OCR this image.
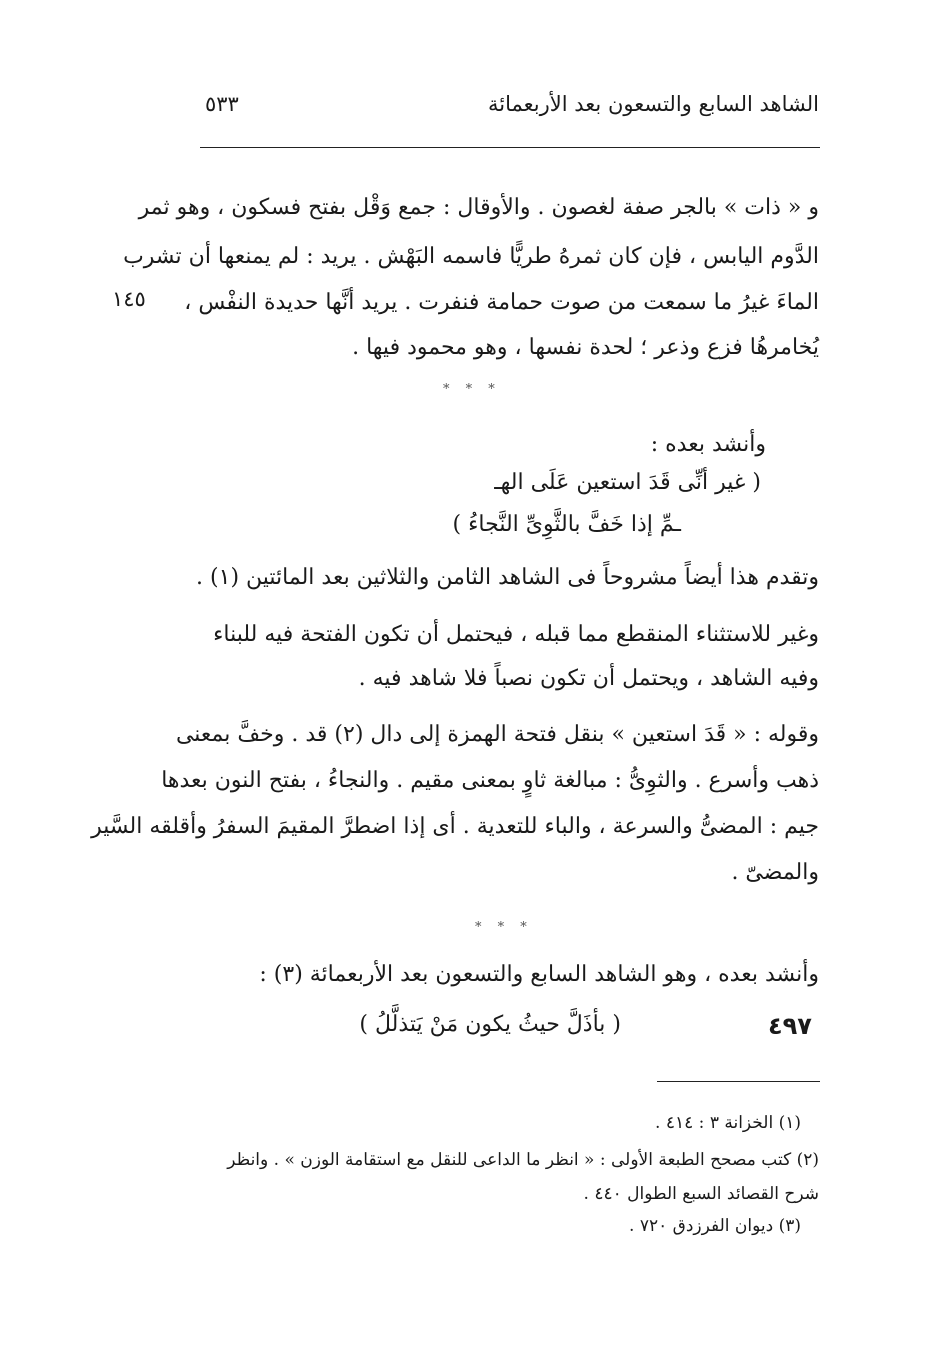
الشاهد السابع والتسعون بعد الأربعمائة
٥٣٣
و « ذات » بالجر صفة لغصون . والأوقال : جمع وَقْل بفتح فسكون ، وهو ثمر
الدَّوم اليابس ، فإن كان ثمرهُ طريًّا فاسمه البَهْش . يريد : لم يمنعها أن تشرب
الماءَ غيرُ ما سمعت من صوت حمامة فنفرت . يريد أنَّها حديدة النفْس ،
١٤٥
يُخامرهُا فزع وذعر ؛ لحدة نفسها ، وهو محمود فيها .
* * *
وأنشد بعده :
( غير أنِّى قَدَ استعين عَلَى الهـ
ـمِّ إذا خَفَّ بالثَّوِىِّ النَّجاءُ )
وتقدم هذا أيضاً مشروحاً فى الشاهد الثامن والثلاثين بعد المائتين (١) .
وغير للاستثناء المنقطع مما قبله ، فيحتمل أن تكون الفتحة فيه للبناء
وفيه الشاهد ، ويحتمل أن تكون نصباً فلا شاهد فيه .
وقوله : « قَدَ استعين » بنقل فتحة الهمزة إلى دال (٢) قد . وخفَّ بمعنى
ذهب وأسرع . والثوِىُّ : مبالغة ثاوٍ بمعنى مقيم . والنجاءُ ، بفتح النون بعدها
جيم : المضىُّ والسرعة ، والباء للتعدية . أى إذا اضطرَّ المقيمَ السفرُ وأقلقه السَّير
والمضىّ .
* * *
وأنشد بعده ، وهو الشاهد السابع والتسعون بعد الأربعمائة (٣) :
( بأذَلَّ حيثُ يكون مَنْ يَتذلَّلُ )	٤٩٧
(١) الخزانة ٣ : ٤١٤ .
(٢) كتب مصحح الطبعة الأولى : « انظر ما الداعى للنقل مع استقامة الوزن » . وانظر
شرح القصائد السبع الطوال ٤٤٠ .
(٣) ديوان الفرزدق ٧٢٠ .
